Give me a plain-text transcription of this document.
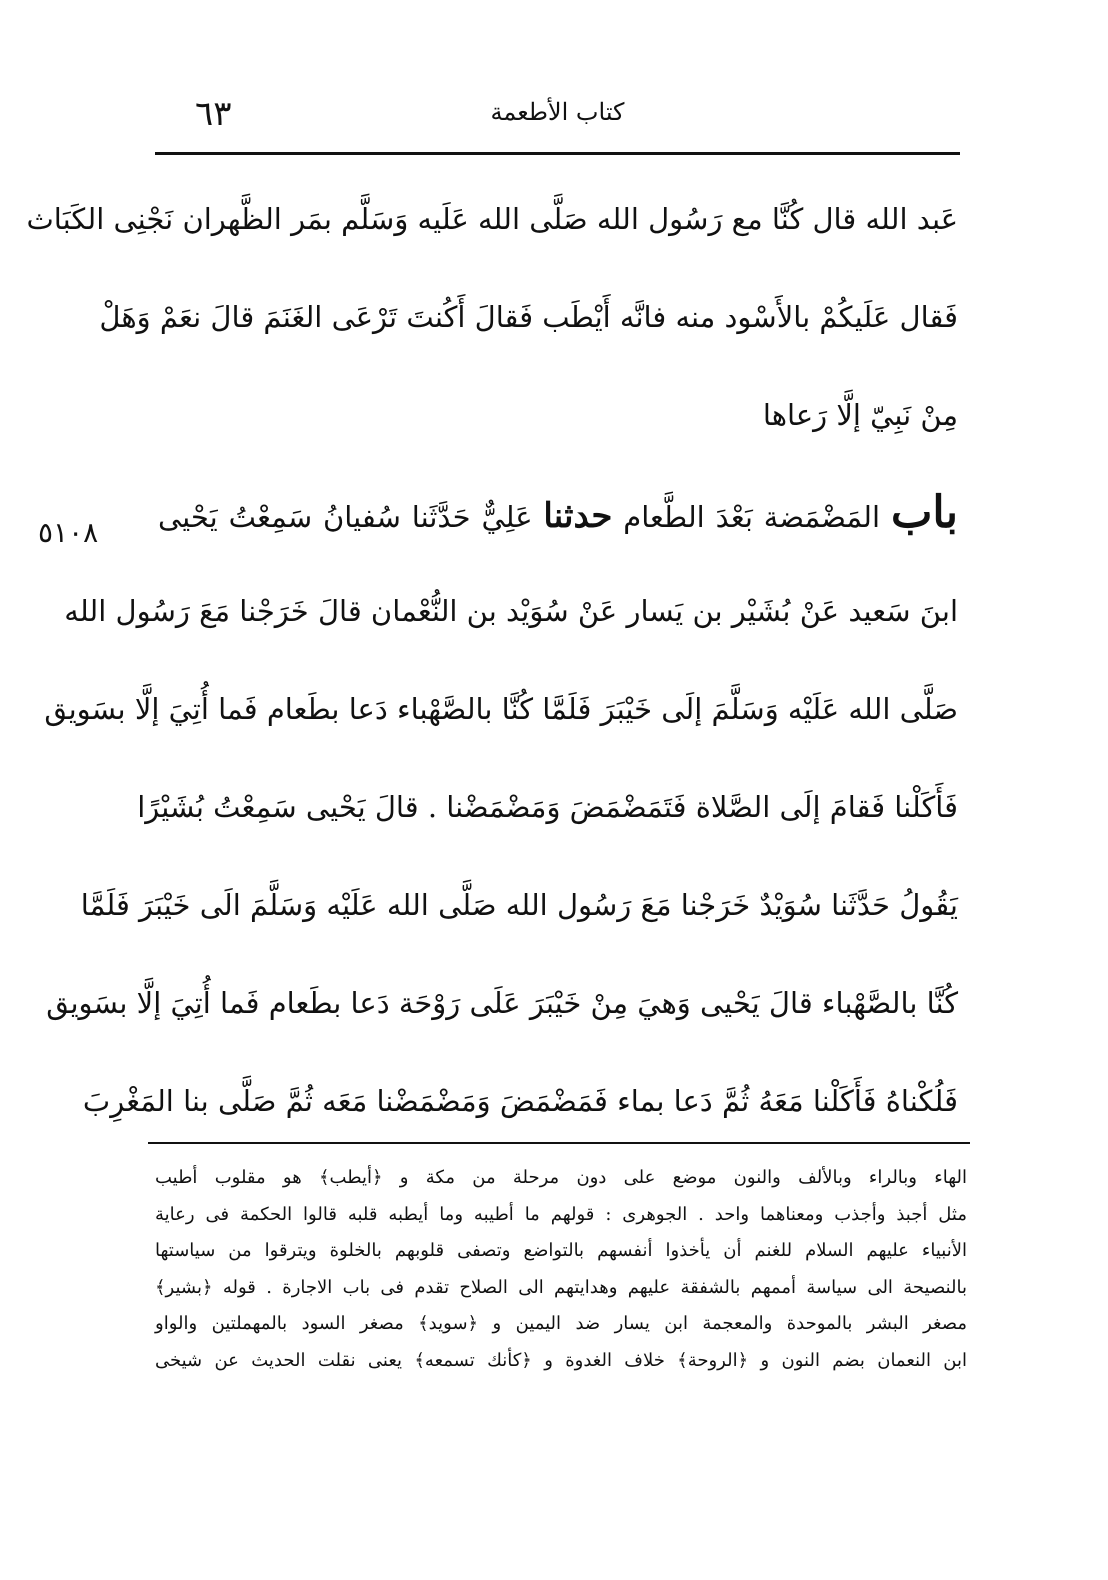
٦٣	كتاب الأطعمة
عَبد الله قال كُنَّا مع رَسُول الله صَلَّى الله عَلَيه وَسَلَّم بمَر الظَّهران نَجْنِى الكَبَاث
فَقال عَلَيكُمْ بالأَسْود منه فانَّه أَيْطَب فَقالَ أَكُنتَ تَرْعَى الغَنَمَ قالَ نعَمْ وَهَلْ
مِنْ نَبِيّ إلَّا رَعاها
باب المَضْمَضة بَعْدَ الطَّعام حدثنا عَلِيٌّ حَدَّثَنا سُفيانُ سَمِعْتُ يَحْيى
ابنَ سَعيد عَنْ بُشَيْر بن يَسار عَنْ سُوَيْد بن النُّعْمان قالَ خَرَجْنا مَعَ رَسُول الله
صَلَّى الله عَلَيْه وَسَلَّمَ إلَى خَيْبَرَ فَلَمَّا كُنَّا بالصَّهْباء دَعا بطَعام فَما أُتِيَ إلَّا بسَويق
فَأَكَلْنا فَقامَ إلَى الصَّلاة فَتَمَضْمَضَ وَمَضْمَضْنا . قالَ يَحْيى سَمِعْتُ بُشَيْرًا
يَقُولُ حَدَّثَنا سُوَيْدٌ خَرَجْنا مَعَ رَسُول الله صَلَّى الله عَلَيْه وَسَلَّمَ الَى خَيْبَرَ فَلَمَّا
كُنَّا بالصَّهْباء قالَ يَحْيى وَهيَ مِنْ خَيْبَرَ عَلَى رَوْحَة دَعا بطَعام فَما أُتِيَ إلَّا بسَويق
فَلُكْناهُ فَأَكَلْنا مَعَهُ ثُمَّ دَعا بماء فَمَضْمَضَ وَمَضْمَضْنا مَعَه ثُمَّ صَلَّى بنا المَغْرِبَ
٥١٠٨
الهاء وبالراء وبالألف والنون موضع على دون مرحلة من مكة و ﴿أيطب﴾ هو مقلوب أطيب
مثل أجبذ وأجذب ومعناهما واحد . الجوهرى : قولهم ما أطيبه وما أيطبه قلبه قالوا الحكمة فى رعاية
الأنبياء عليهم السلام للغنم أن يأخذوا أنفسهم بالتواضع وتصفى قلوبهم بالخلوة ويترقوا من سياستها
بالنصيحة الى سياسة أممهم بالشفقة عليهم وهدايتهم الى الصلاح تقدم فى باب الاجارة . قوله ﴿بشير﴾
مصغر البشر بالموحدة والمعجمة ابن يسار ضد اليمين و ﴿سويد﴾ مصغر السود بالمهملتين والواو
ابن النعمان بضم النون و ﴿الروحة﴾ خلاف الغدوة و ﴿كأنك تسمعه﴾ يعنى نقلت الحديث عن شيخى
